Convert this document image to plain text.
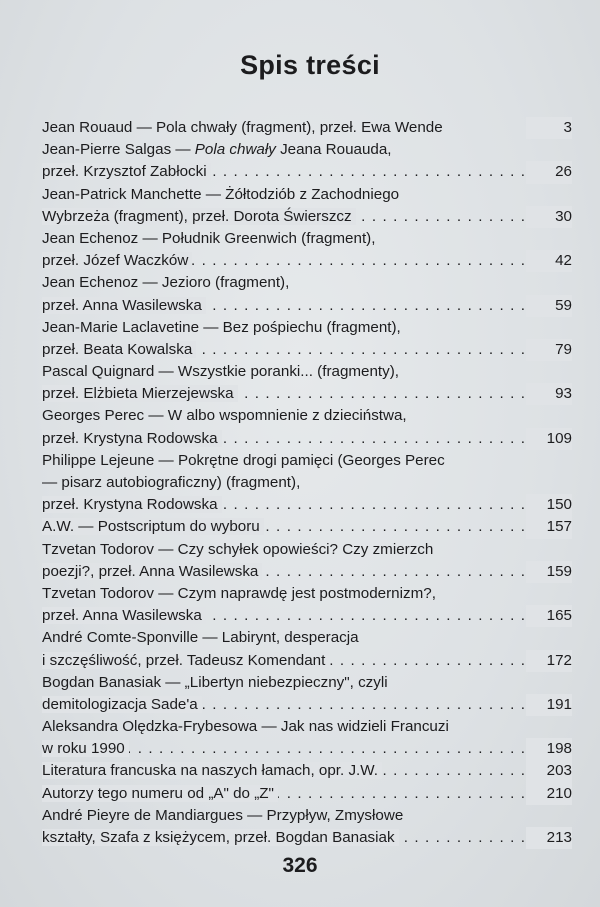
Spis treści
Jean Rouaud — Pola chwały (fragment), przeł. Ewa Wende	3
Jean-Pierre Salgas — Pola chwały Jeana Rouauda,
przeł. Krzysztof Zabłocki	26
. . .
Jean-Patrick Manchette — Żółtodziób z Zachodniego
Wybrzeża (fragment), przeł. Dorota Świerszcz	30
. . .
Jean Echenoz — Południk Greenwich (fragment),
przeł. Józef Waczków	42
. . .
Jean Echenoz — Jezioro (fragment),
przeł. Anna Wasilewska	59
. . .
Jean-Marie Laclavetine — Bez pośpiechu (fragment),
przeł. Beata Kowalska	79
. . .
Pascal Quignard — Wszystkie poranki... (fragmenty),
przeł. Elżbieta Mierzejewska	93
. . .
Georges Perec — W albo wspomnienie z dzieciństwa,
przeł. Krystyna Rodowska	109
. . .
Philippe Lejeune — Pokrętne drogi pamięci (Georges Perec
— pisarz autobiograficzny) (fragment),
przeł. Krystyna Rodowska	150
. . .
A.W. — Postscriptum do wyboru	157
. . .
Tzvetan Todorov — Czy schyłek opowieści? Czy zmierzch
poezji?, przeł. Anna Wasilewska	159
. . .
Tzvetan Todorov — Czym naprawdę jest postmodernizm?,
przeł. Anna Wasilewska	165
. . .
André Comte-Sponville — Labirynt, desperacja
i szczęśliwość, przeł. Tadeusz Komendant	172
. . .
Bogdan Banasiak — „Libertyn niebezpieczny", czyli
demitologizacja Sade'a	191
. . .
Aleksandra Olędzka-Frybesowa — Jak nas widzieli Francuzi
w roku 1990	198
. . .
Literatura francuska na naszych łamach, opr. J.W.	203
. . .
Autorzy tego numeru od „A" do „Z"	210
. . .
André Pieyre de Mandiargues — Przypływ, Zmysłowe
kształty, Szafa z księżycem, przeł. Bogdan Banasiak	213
. . .
326
